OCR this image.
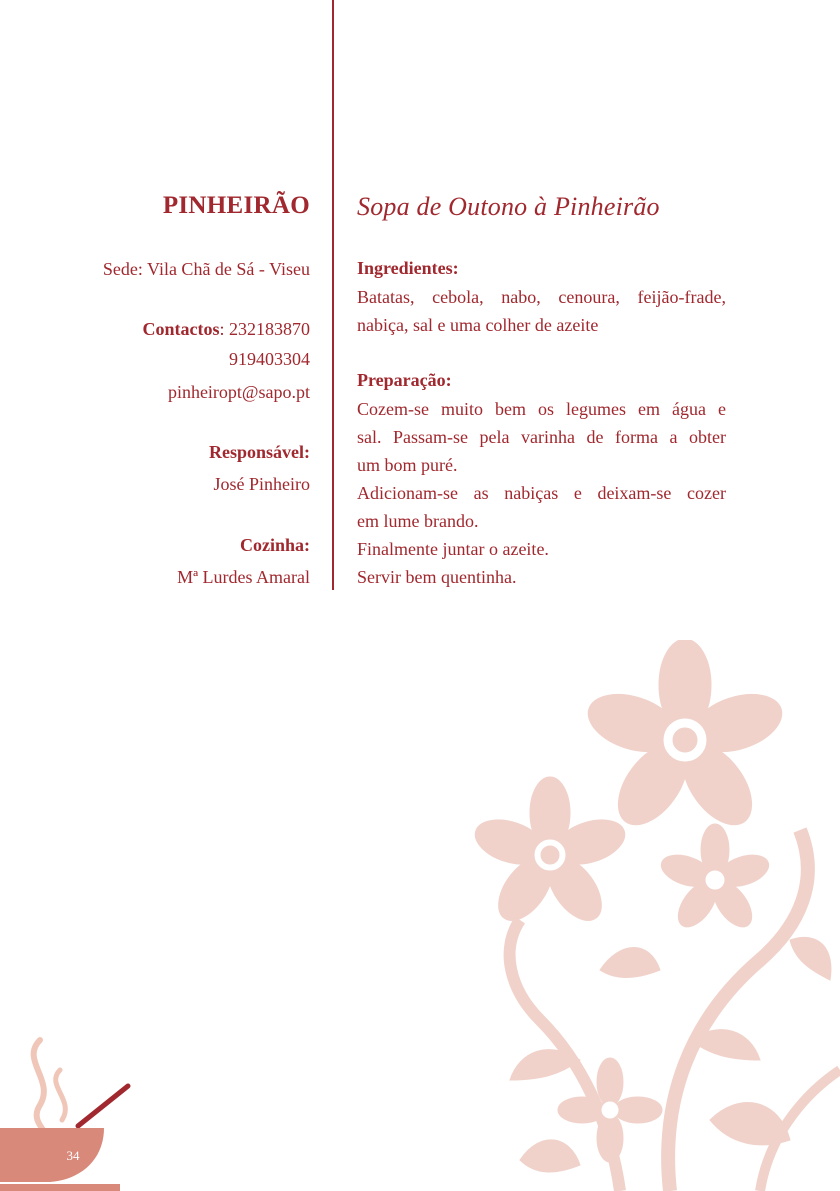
PINHEIRÃO
Sede: Vila Chã de Sá - Viseu
Contactos: 232183870
919403304
pinheiropt@sapo.pt
Responsável:
José Pinheiro
Cozinha:
Mª Lurdes Amaral
Sopa de Outono à Pinheirão
Ingredientes:
Batatas, cebola, nabo, cenoura, feijão-frade,
nabiça, sal e uma colher de azeite
Preparação:
Cozem-se muito bem os legumes em água e
sal. Passam-se pela varinha de forma a obter
um bom puré.
Adicionam-se as nabiças e deixam-se cozer
em lume brando.
Finalmente juntar o azeite.
Servir bem quentinha.
34
